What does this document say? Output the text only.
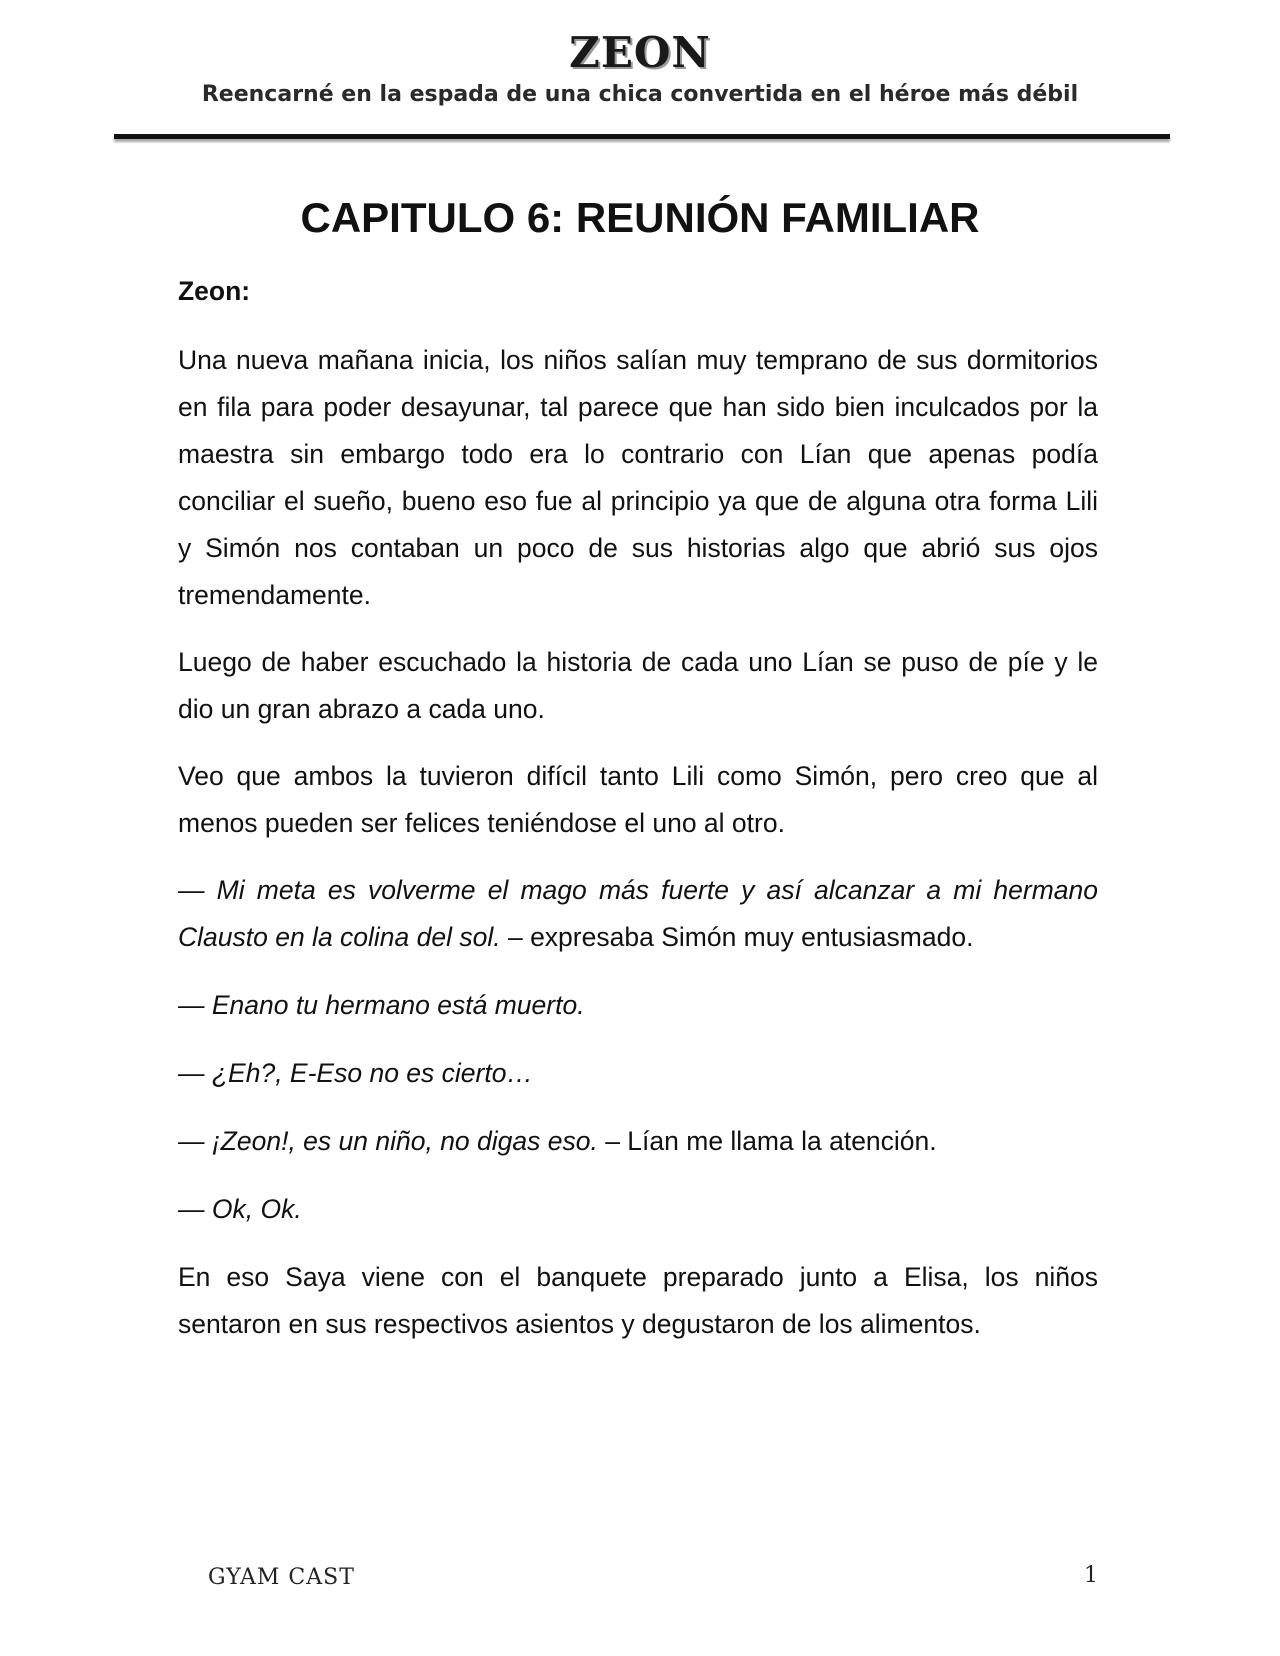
ZEON
Reencarné en la espada de una chica convertida en el héroe más débil
CAPITULO 6: REUNIÓN FAMILIAR

Zeon:

Una nueva mañana inicia, los niños salían muy temprano de sus dormitorios en fila para poder desayunar, tal parece que han sido bien inculcados por la maestra sin embargo todo era lo contrario con Lían que apenas podía conciliar el sueño, bueno eso fue al principio ya que de alguna otra forma Lili y Simón nos contaban un poco de sus historias algo que abrió sus ojos tremendamente.

Luego de haber escuchado la historia de cada uno Lían se puso de píe y le dio un gran abrazo a cada uno.

Veo que ambos la tuvieron difícil tanto Lili como Simón, pero creo que al menos pueden ser felices teniéndose el uno al otro.

— Mi meta es volverme el mago más fuerte y así alcanzar a mi hermano Clausto en la colina del sol. – expresaba Simón muy entusiasmado.

— Enano tu hermano está muerto.

— ¿Eh?, E-Eso no es cierto…

— ¡Zeon!, es un niño, no digas eso. – Lían me llama la atención.

— Ok, Ok.

En eso Saya viene con el banquete preparado junto a Elisa, los niños sentaron en sus respectivos asientos y degustaron de los alimentos.

GYAM CAST	1
